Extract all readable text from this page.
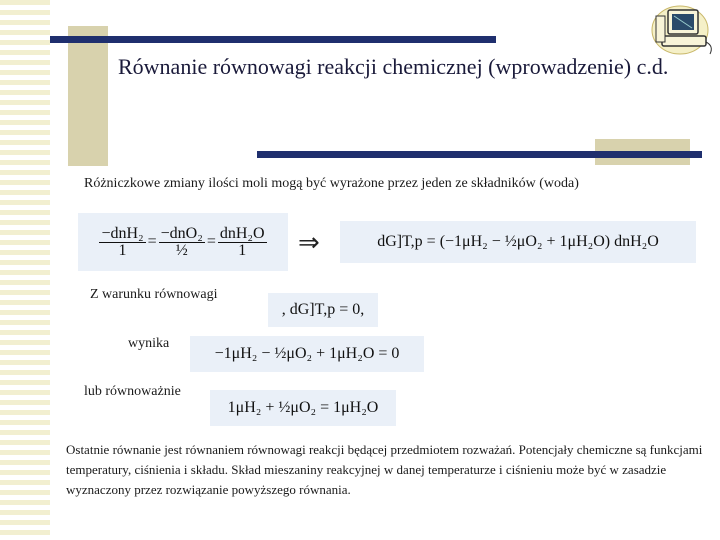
Równanie równowagi reakcji chemicznej (wprowadzenie) c.d.
Różniczkowe zmiany ilości moli mogą być wyrażone przez jeden ze składników (woda)
$\frac{\text{−dnH₂}}{1} = \frac{\text{−dnO₂}}{\text{½}} = \frac{\text{dnH₂O}}{1}$ ⇒	dG]T,p = (−1μH₂ − ½μO₂ + 1μH₂O) dnH₂O
Z warunku równowagi
, dG]T,p = 0,
wynika
−1μH₂ − ½μO₂ + 1μH₂O = 0
lub równoważnie
1μH₂ + ½μO₂ = 1μH₂O
Ostatnie równanie jest równaniem równowagi reakcji będącej przedmiotem rozważań. Potencjały chemiczne są funkcjami temperatury, ciśnienia i składu. Skład mieszaniny reakcyjnej w danej temperaturze i ciśnieniu może być w zasadzie wyznaczony przez rozwiązanie powyższego równania.
